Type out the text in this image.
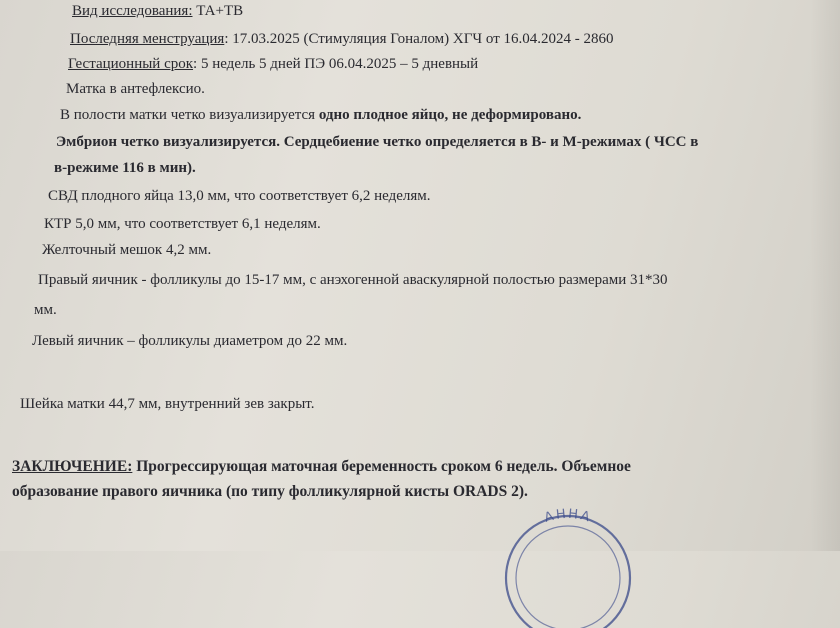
Вид исследования: ТА+ТВ
Последняя менструация: 17.03.2025 (Стимуляция Гоналом) ХГЧ от 16.04.2024 - 2860
Гестационный срок: 5 недель 5 дней ПЭ 06.04.2025 – 5 дневный
Матка в антефлексио.
В полости матки четко визуализируется одно плодное яйцо, не деформировано.
Эмбрион четко визуализируется. Сердцебиение четко определяется в В- и М-режимах ( ЧСС в
в-режиме 116 в мин).
СВД плодного яйца 13,0 мм, что соответствует 6,2 неделям.
КТР 5,0 мм, что соответствует 6,1 неделям.
Желточный мешок 4,2 мм.
Правый яичник - фолликулы до 15-17 мм, с анэхогенной аваскулярной полостью размерами 31*30
мм.
Левый яичник – фолликулы диаметром до 22 мм.
Шейка матки 44,7 мм, внутренний зев закрыт.
ЗАКЛЮЧЕНИЕ: Прогрессирующая маточная беременность сроком 6 недель. Объемное
образование правого яичника (по типу фолликулярной кисты ORADS 2).
АННА
